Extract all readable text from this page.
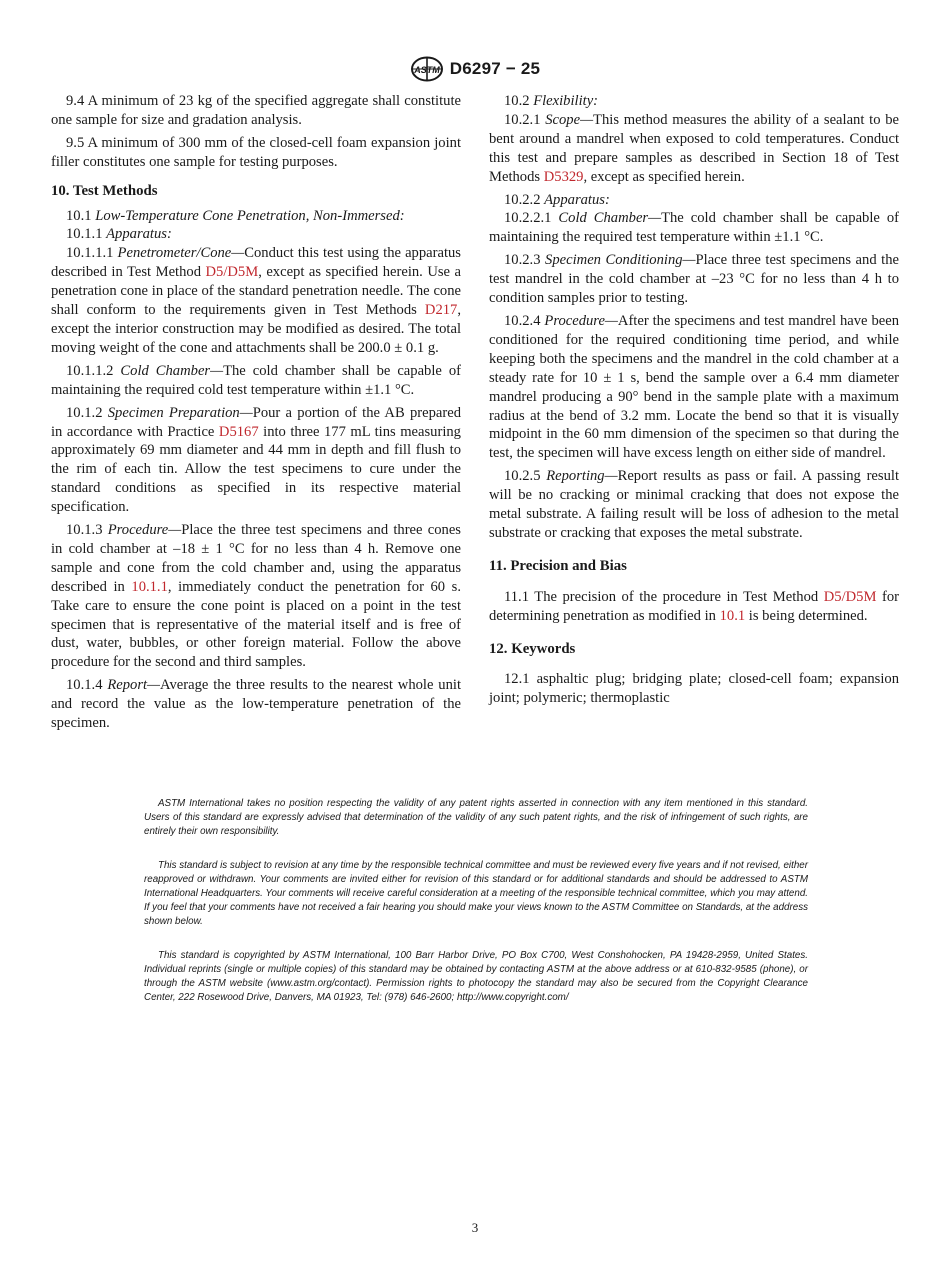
ASTM D6297 − 25

9.4 A minimum of 23 kg of the specified aggregate shall constitute one sample for size and gradation analysis.

9.5 A minimum of 300 mm of the closed-cell foam expansion joint filler constitutes one sample for testing purposes.

10. Test Methods

10.1 Low-Temperature Cone Penetration, Non-Immersed:

10.1.1 Apparatus:

10.1.1.1 Penetrometer/Cone—Conduct this test using the apparatus described in Test Method D5/D5M, except as specified herein. Use a penetration cone in place of the standard penetration needle. The cone shall conform to the requirements given in Test Methods D217, except the interior construction may be modified as desired. The total moving weight of the cone and attachments shall be 200.0 ± 0.1 g.

10.1.1.2 Cold Chamber—The cold chamber shall be capable of maintaining the required cold test temperature within ±1.1 °C.

10.1.2 Specimen Preparation—Pour a portion of the AB prepared in accordance with Practice D5167 into three 177 mL tins measuring approximately 69 mm diameter and 44 mm in depth and fill flush to the rim of each tin. Allow the test specimens to cure under the standard conditions as specified in its respective material specification.

10.1.3 Procedure—Place the three test specimens and three cones in cold chamber at –18 ± 1 °C for no less than 4 h. Remove one sample and cone from the cold chamber and, using the apparatus described in 10.1.1, immediately conduct the penetration for 60 s. Take care to ensure the cone point is placed on a point in the test specimen that is representative of the material itself and is free of dust, water, bubbles, or other foreign material. Follow the above procedure for the second and third samples.

10.1.4 Report—Average the three results to the nearest whole unit and record the value as the low-temperature penetration of the specimen.

10.2 Flexibility:

10.2.1 Scope—This method measures the ability of a sealant to be bent around a mandrel when exposed to cold temperatures. Conduct this test and prepare samples as described in Section 18 of Test Methods D5329, except as specified herein.

10.2.2 Apparatus:

10.2.2.1 Cold Chamber—The cold chamber shall be capable of maintaining the required test temperature within ±1.1 °C.

10.2.3 Specimen Conditioning—Place three test specimens and the test mandrel in the cold chamber at –23 °C for no less than 4 h to condition samples prior to testing.

10.2.4 Procedure—After the specimens and test mandrel have been conditioned for the required conditioning time period, and while keeping both the specimens and the mandrel in the cold chamber at a steady rate for 10 ± 1 s, bend the sample over a 6.4 mm diameter mandrel producing a 90° bend in the sample plate with a maximum radius at the bend of 3.2 mm. Locate the bend so that it is visually midpoint in the 60 mm dimension of the specimen so that during the test, the specimen will have excess length on either side of mandrel.

10.2.5 Reporting—Report results as pass or fail. A passing result will be no cracking or minimal cracking that does not expose the metal substrate. A failing result will be loss of adhesion to the metal substrate or cracking that exposes the metal substrate.

11. Precision and Bias

11.1 The precision of the procedure in Test Method D5/D5M for determining penetration as modified in 10.1 is being determined.

12. Keywords

12.1 asphaltic plug; bridging plate; closed-cell foam; expansion joint; polymeric; thermoplastic

ASTM International takes no position respecting the validity of any patent rights asserted in connection with any item mentioned in this standard. Users of this standard are expressly advised that determination of the validity of any such patent rights, and the risk of infringement of such rights, are entirely their own responsibility.

This standard is subject to revision at any time by the responsible technical committee and must be reviewed every five years and if not revised, either reapproved or withdrawn. Your comments are invited either for revision of this standard or for additional standards and should be addressed to ASTM International Headquarters. Your comments will receive careful consideration at a meeting of the responsible technical committee, which you may attend. If you feel that your comments have not received a fair hearing you should make your views known to the ASTM Committee on Standards, at the address shown below.

This standard is copyrighted by ASTM International, 100 Barr Harbor Drive, PO Box C700, West Conshohocken, PA 19428-2959, United States. Individual reprints (single or multiple copies) of this standard may be obtained by contacting ASTM at the above address or at 610-832-9585 (phone), or through the ASTM website (www.astm.org/contact). Permission rights to photocopy the standard may also be secured from the Copyright Clearance Center, 222 Rosewood Drive, Danvers, MA 01923, Tel: (978) 646-2600; http://www.copyright.com/

3
